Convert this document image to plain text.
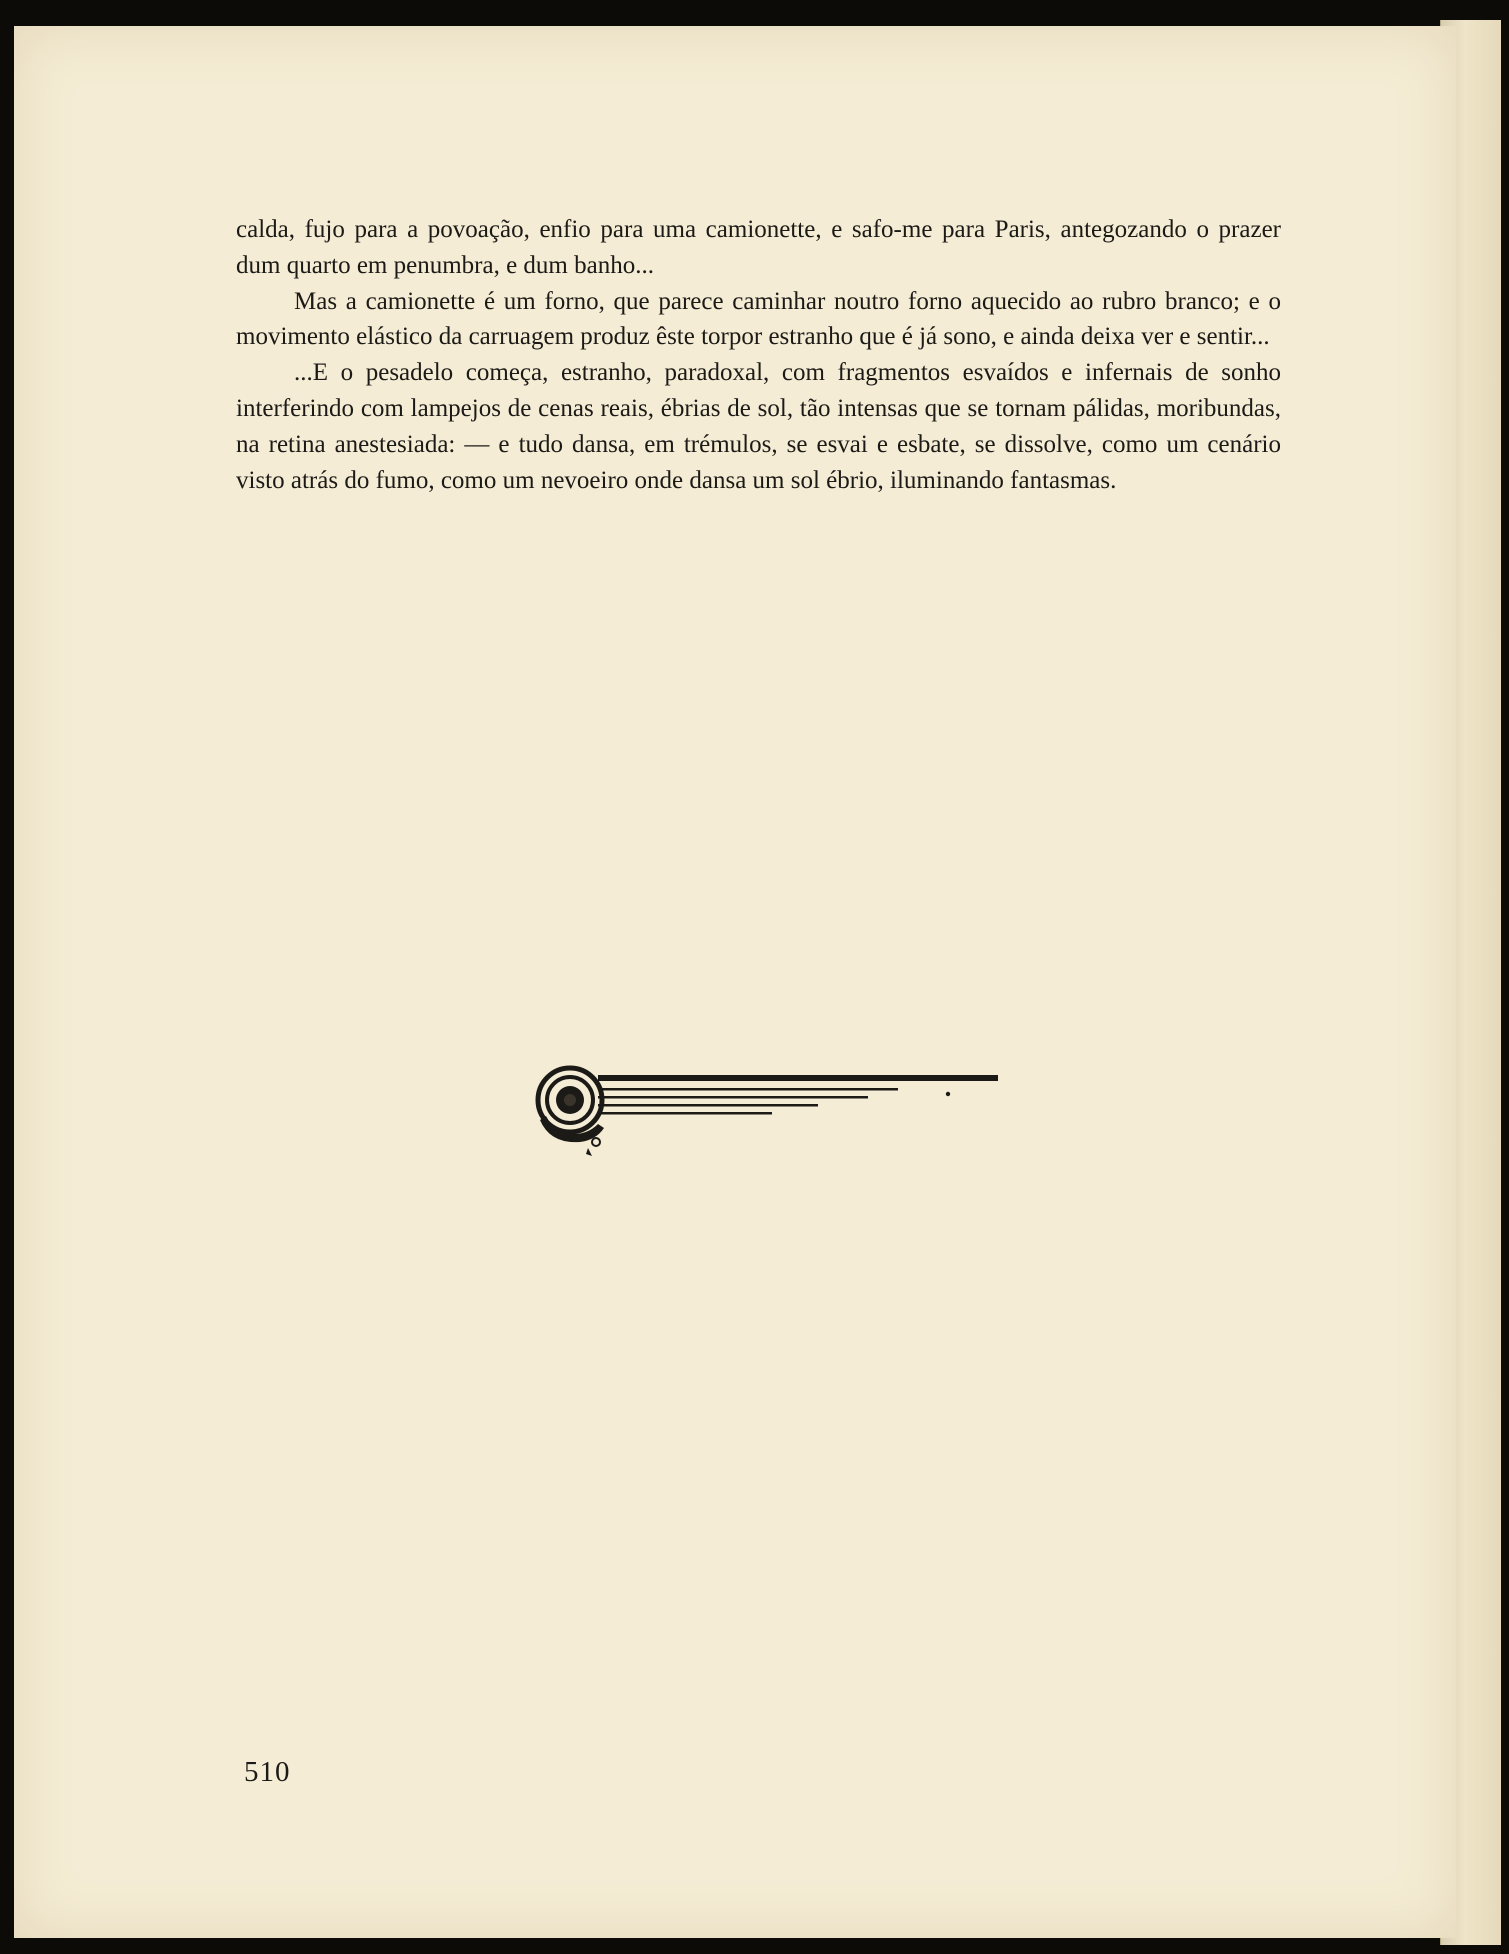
calda, fujo para a povoação, enfio para uma camionette, e safo-me para Paris, antegozando o prazer dum quarto em penumbra, e dum banho...

Mas a camionette é um forno, que parece caminhar noutro forno aquecido ao rubro branco; e o movimento elástico da carruagem produz êste torpor estranho que é já sono, e ainda deixa ver e sentir...

...E o pesadelo começa, estranho, paradoxal, com fragmentos esvaídos e infernais de sonho interferindo com lampejos de cenas reais, ébrias de sol, tão intensas que se tornam pálidas, moribundas, na retina anestesiada: — e tudo dansa, em trémulos, se esvai e esbate, se dissolve, como um cenário visto atrás do fumo, como um nevoeiro onde dansa um sol ébrio, iluminando fantasmas.

510
